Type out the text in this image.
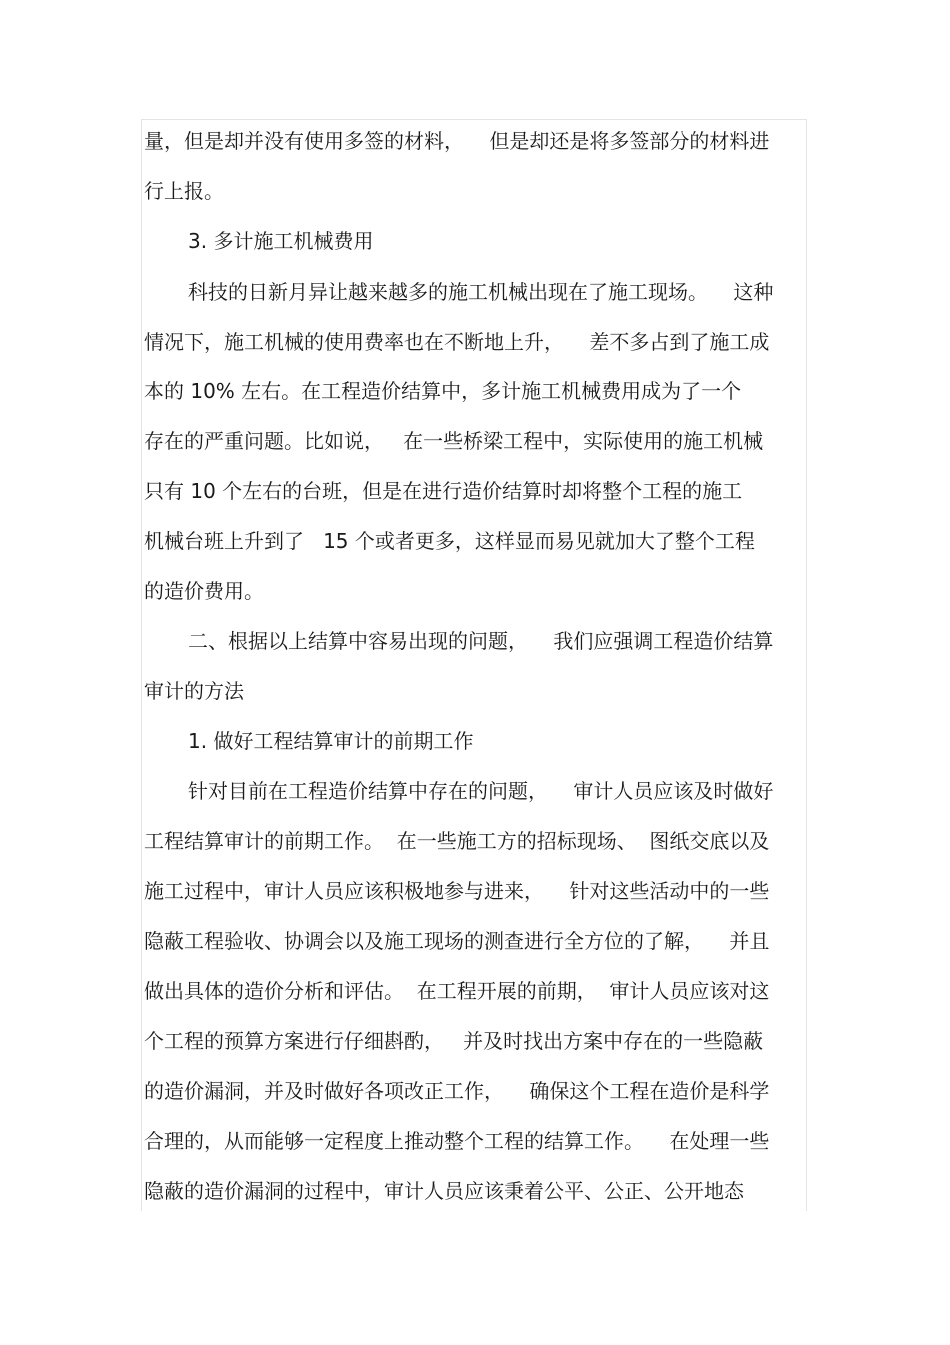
量，但是却并没有使用多签的材料，    但是却还是将多签部分的材料进
行上报。
3. 多计施工机械费用
科技的日新月异让越来越多的施工机械出现在了施工现场。    这种
情况下，施工机械的使用费率也在不断地上升，    差不多占到了施工成
本的 10% 左右。在工程造价结算中，多计施工机械费用成为了一个
存在的严重问题。比如说，   在一些桥梁工程中，实际使用的施工机械
只有 10 个左右的台班，但是在进行造价结算时却将整个工程的施工
机械台班上升到了   15 个或者更多，这样显而易见就加大了整个工程
的造价费用。
二、根据以上结算中容易出现的问题，    我们应强调工程造价结算
审计的方法
1. 做好工程结算审计的前期工作
针对目前在工程造价结算中存在的问题，    审计人员应该及时做好
工程结算审计的前期工作。  在一些施工方的招标现场、  图纸交底以及
施工过程中，审计人员应该积极地参与进来，    针对这些活动中的一些
隐蔽工程验收、协调会以及施工现场的测查进行全方位的了解，    并且
做出具体的造价分析和评估。  在工程开展的前期，  审计人员应该对这
个工程的预算方案进行仔细斟酌，   并及时找出方案中存在的一些隐蔽
的造价漏洞，并及时做好各项改正工作，    确保这个工程在造价是科学
合理的，从而能够一定程度上推动整个工程的结算工作。    在处理一些
隐蔽的造价漏洞的过程中，审计人员应该秉着公平、公正、公开地态
